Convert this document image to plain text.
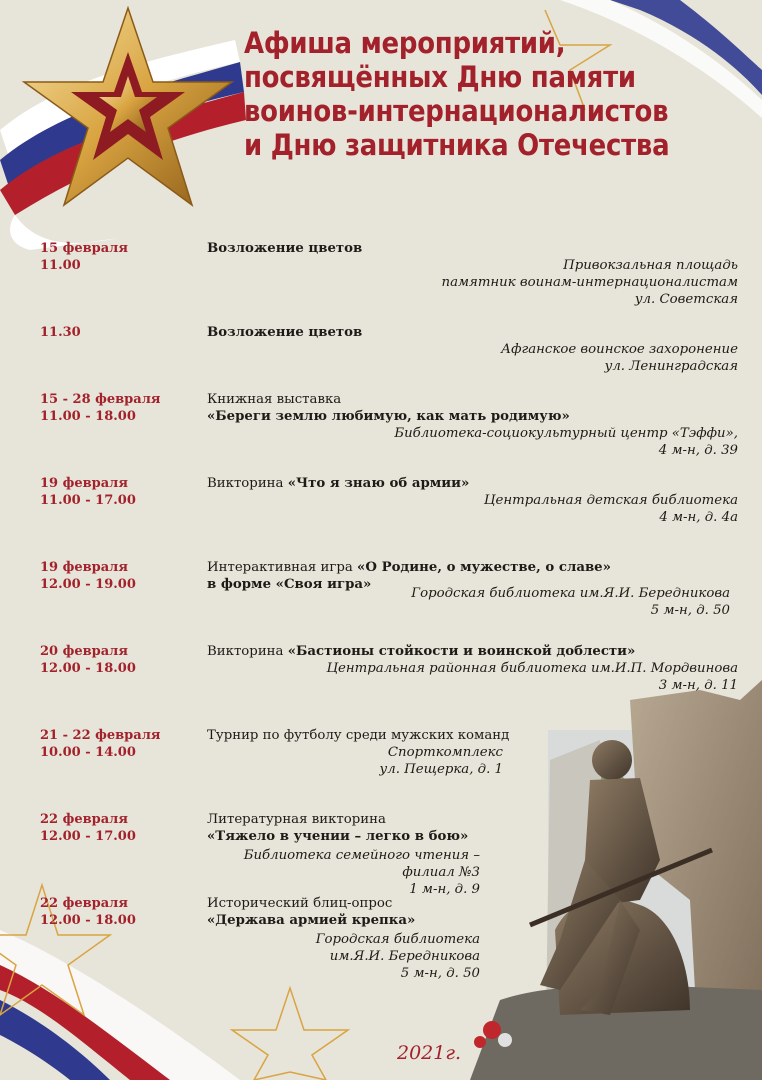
Афиша мероприятий,
посвящённых Дню памяти
воинов-интернационалистов
и Дню защитника Отечества
15 февраля
11.00
Возложение цветов
Привокзальная площадь
памятник воинам-интернационалистам
ул. Советская
11.30	Возложение цветов
Афганское воинское захоронение
ул. Ленинградская
15 - 28 февраля
11.00 - 18.00
Книжная выставка
«Береги землю любимую, как мать родимую»
Библиотека-социокультурный центр «Тэффи»,
4 м-н, д. 39
19 февраля
11.00 - 17.00
Викторина «Что я знаю об армии»
Центральная детская библиотека
4 м-н, д. 4а
19 февраля
12.00 - 19.00
Интерактивная игра «О Родине, о мужестве, о славе»
в форме «Своя игра»
Городская библиотека им.Я.И. Бередникова
5 м-н, д. 50
20 февраля
12.00 - 18.00
Викторина «Бастионы стойкости и воинской доблести»
Центральная районная библиотека им.И.П. Мордвинова
3 м-н, д. 11
21 - 22 февраля
10.00 - 14.00
Турнир по футболу среди мужских команд
Спорткомплекс
ул. Пещерка, д. 1
22 февраля
12.00 - 17.00
Литературная викторина
«Тяжело в учении – легко в бою»
Библиотека семейного чтения –
филиал №3
1 м-н, д. 9
22 февраля
12.00 - 18.00
Исторический блиц-опрос
«Держава армией крепка»
Городская библиотека
им.Я.И. Бередникова
5 м-н, д. 50
2021г.
